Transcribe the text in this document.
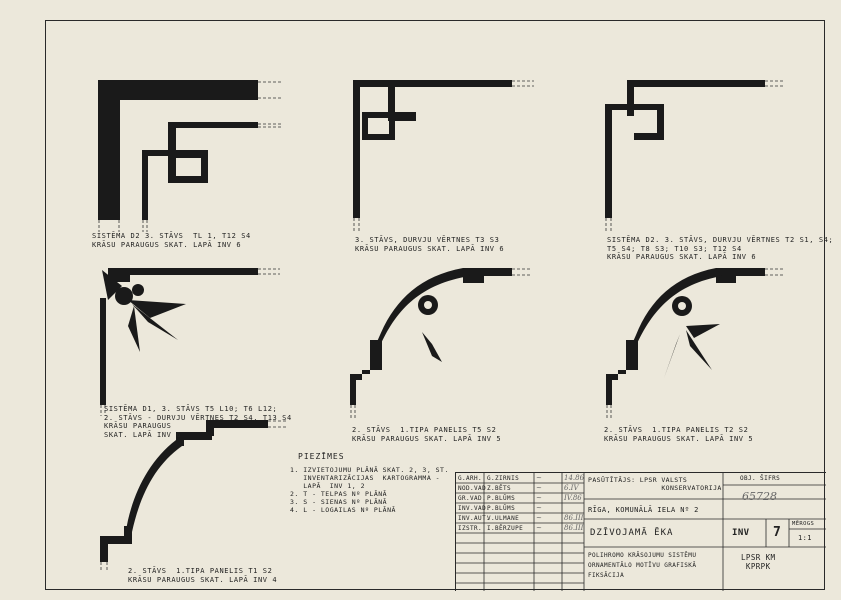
SISTĒMA D2 3. STĀVS  TL 1, T12 S4
KRĀSU PARAUGUS SKAT. LAPĀ INV 6
3. STĀVS, DURVJU VĒRTNES T3 S3
KRĀSU PARAUGUS SKAT. LAPĀ INV 6
SISTĒMA D2. 3. STĀVS, DURVJU VĒRTNES T2 S1, S4;
T5 S4; T8 S3; T10 S3; T12 S4
KRĀSU PARAUGUS SKAT. LAPĀ INV 6
SISTĒMA D1, 3. STĀVS T5 L10; T6 L12;
2. STĀVS - DURVJU VĒRTNES T2 S4, T13 S4
KRĀSU PARAUGUS
SKAT. LAPĀ INV 6
2. STĀVS  1.TIPA PANELIS T5 S2
KRĀSU PARAUGUS SKAT. LAPĀ INV 5
2. STĀVS  1.TIPA PANELIS T2 S2
KRĀSU PARAUGUS SKAT. LAPĀ INV 5
2. STĀVS  1.TIPA PANELIS T1 S2
KRĀSU PARAUGUS SKAT. LAPĀ INV 4
PIEZĪMES
1. IZVIETOJUMU PLĀNĀ SKAT. 2, 3, ST.
INVENTARIZĀCIJAS  KARTOGRAMMA -
LAPĀ  INV 1, 2
2. T - TELPAS Nº PLĀNĀ
3. S - SIENAS Nº PLĀNĀ
4. L - LOGAILAS Nº PLĀNĀ
G.ARH.
NOD.VAD.
GR.VAD.
INV.VAD.
INV.AUT.
IZSTR.
G.ZIRNIS
Z.BĒTS
P.BLŪMS
P.BLŪMS
V.ULMANE
I.BĒRZUPE
~
~
~
~
~
~
14.86
6.IV
IV.86
86.III
86.III
PASŪTĪTĀJS: LPSR VALSTS
KONSERVATORIJA
RĪGA, KOMUNĀLĀ IELA Nº 2
OBJ. ŠIFRS
65728
DZĪVOJAMĀ ĒKA	INV 7
MĒROGS
1:1
POLIHROMO KRĀSOJUMU SISTĒMU
ORNAMENTĀLO MOTĪVU GRAFISKĀ
FIKSĀCIJA
LPSR KM
KPRPK
